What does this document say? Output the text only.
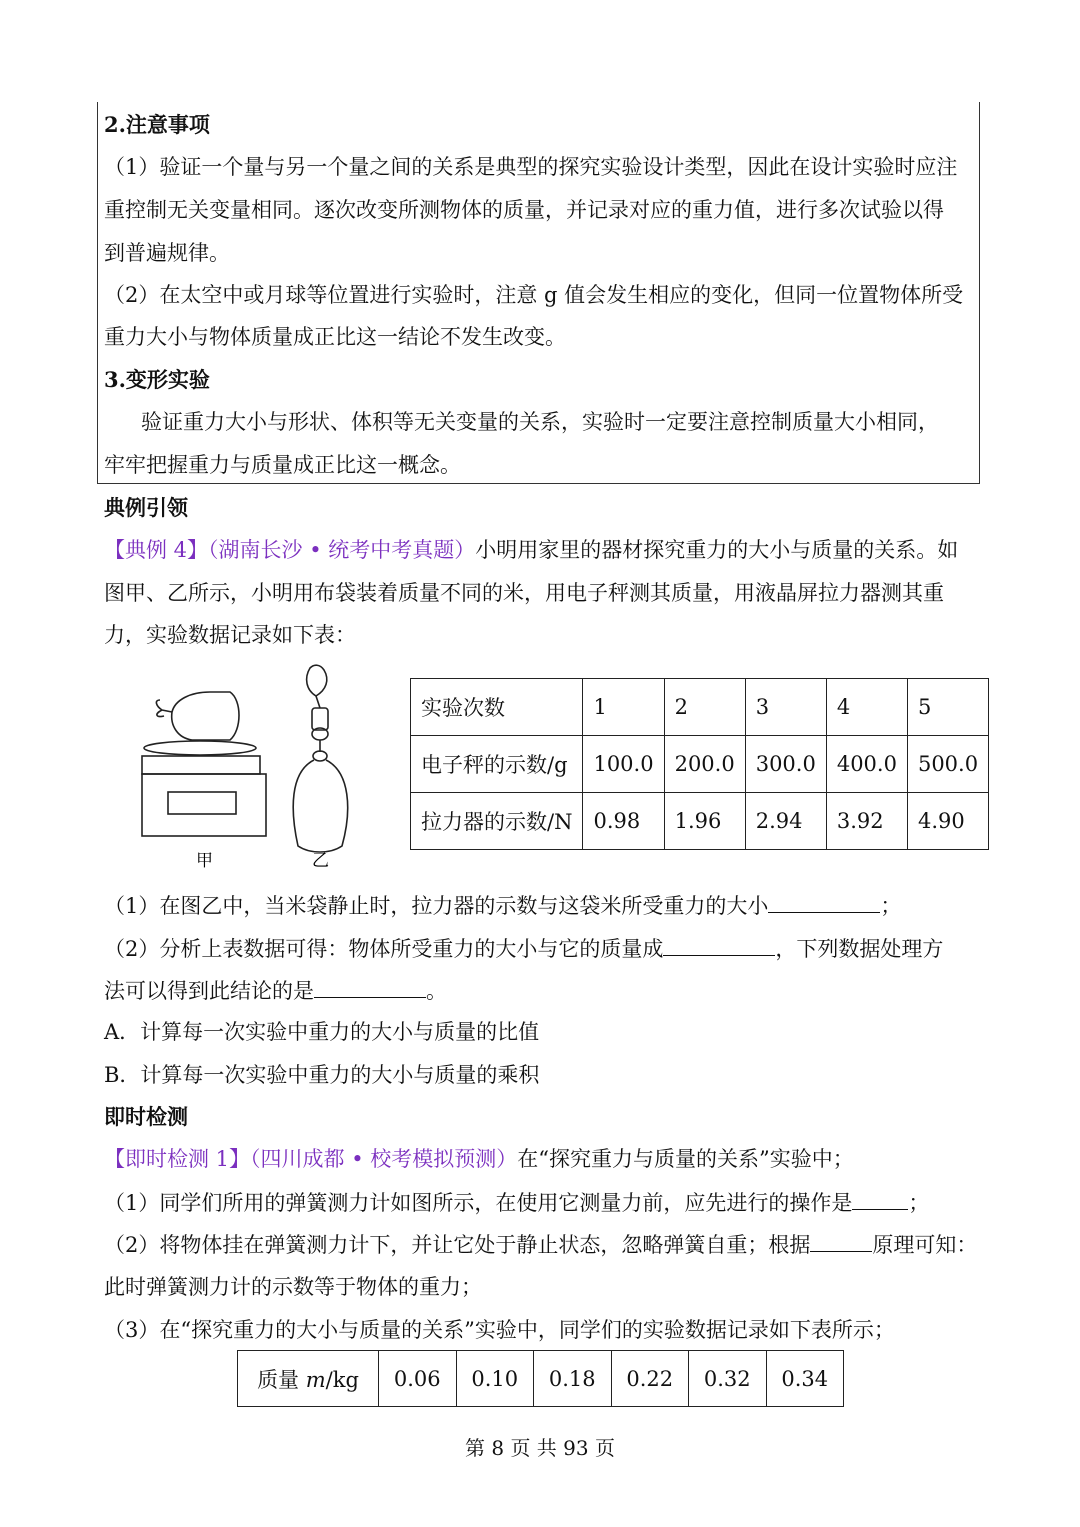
2.注意事项
（1）验证一个量与另一个量之间的关系是典型的探究实验设计类型，因此在设计实验时应注
重控制无关变量相同。逐次改变所测物体的质量，并记录对应的重力值，进行多次试验以得
到普遍规律。
（2）在太空中或月球等位置进行实验时，注意 g 值会发生相应的变化，但同一位置物体所受
重力大小与物体质量成正比这一结论不发生改变。
3.变形实验
验证重力大小与形状、体积等无关变量的关系，实验时一定要注意控制质量大小相同，
牢牢把握重力与质量成正比这一概念。
典例引领
【典例 4】（湖南长沙 • 统考中考真题）小明用家里的器材探究重力的大小与质量的关系。如
图甲、乙所示，小明用布袋装着质量不同的米，用电子秤测其质量，用液晶屏拉力器测其重
力，实验数据记录如下表：
甲	乙
实验次数	1	2	3	4	5
电子秤的示数/g	100.0	200.0	300.0	400.0	500.0
拉力器的示数/N	0.98	1.96	2.94	3.92	4.90
（1）在图乙中，当米袋静止时，拉力器的示数与这袋米所受重力的大小	；
（2）分析上表数据可得：物体所受重力的大小与它的质量成	，下列数据处理方
法可以得到此结论的是	。
A．计算每一次实验中重力的大小与质量的比值
B．计算每一次实验中重力的大小与质量的乘积
即时检测
【即时检测 1】（四川成都 • 校考模拟预测）在“探究重力与质量的关系”实验中；
（1）同学们所用的弹簧测力计如图所示，在使用它测量力前，应先进行的操作是	；
（2）将物体挂在弹簧测力计下，并让它处于静止状态，忽略弹簧自重；根据	原理可知：
此时弹簧测力计的示数等于物体的重力；
（3）在“探究重力的大小与质量的关系”实验中，同学们的实验数据记录如下表所示；
质量 m/kg	0.06	0.10	0.18	0.22	0.32	0.34
第 8 页 共 93 页
